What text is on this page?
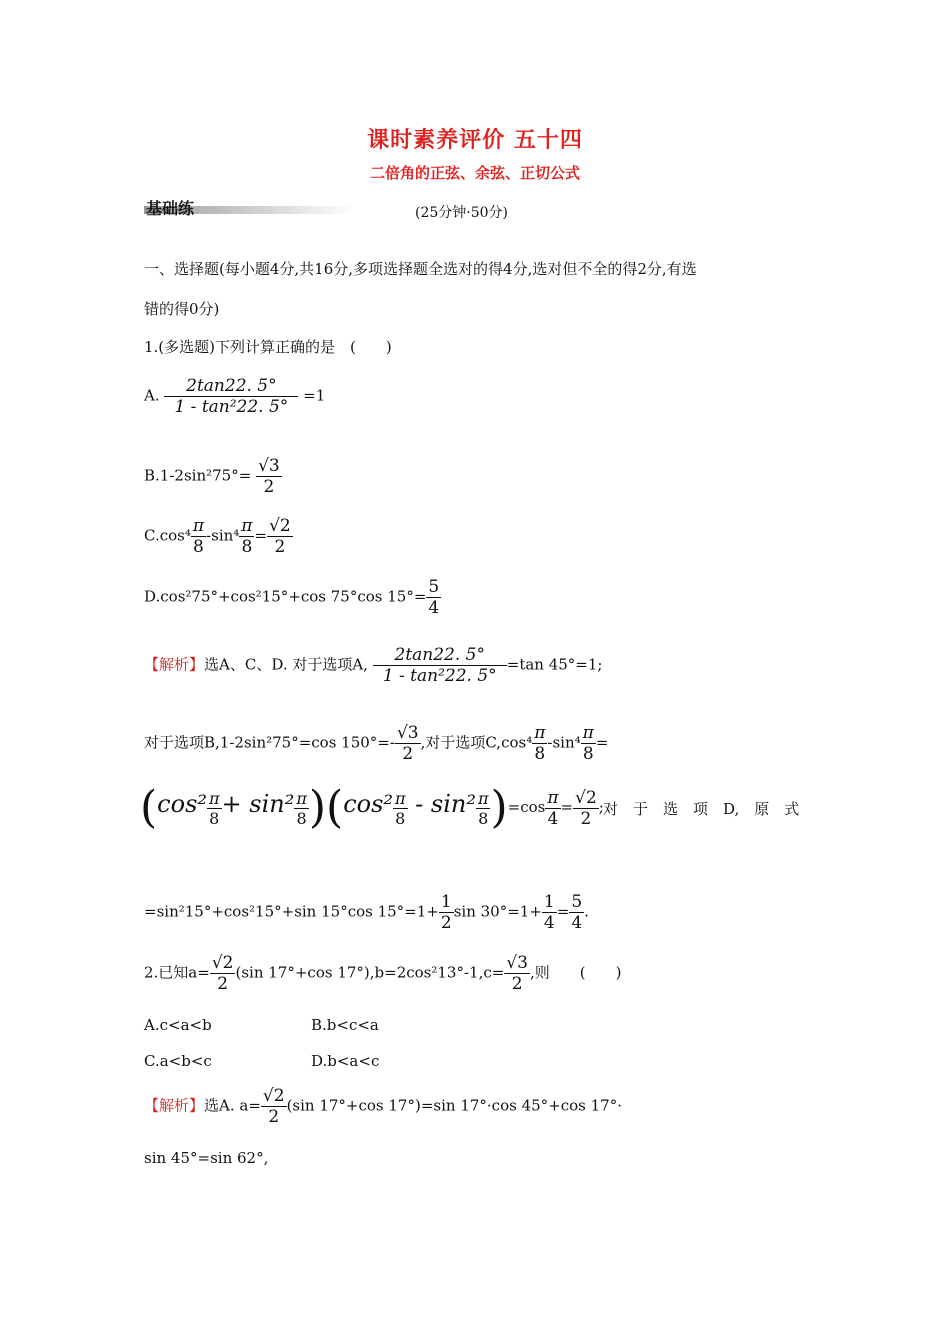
课时素养评价 五十四
二倍角的正弦、余弦、正切公式
基础练	(25分钟·50分)
一、选择题(每小题4分,共16分,多项选择题全选对的得4分,选对但不全的得2分,有选
错的得0分)
1.(多选题)下列计算正确的是　(　　)
A. $\frac{2\tan 22. 5^\circ}{\text{1 - tan²22. 5°}} =1$
$B.1-2\sin^275^\circ= \frac{√3}{2}$
$C.\cos^4 \frac{\pi}{8} -\sin^4 \frac{\pi}{8} = \frac{√2}{2}$
D.cos²75°+cos²15°+cos 75°cos $15^\circ= \frac{5}{4}$
【解析】选A、C、D. 对于选项A, $\frac{2\tan 22. 5^\circ}{\text{1 - tan²22. 5°}} =\tan$ 45°=1;
对于选项B,1-2sin²75°=cos $150^\circ=- \frac{√3}{2}$ ,对于选项$C,\cos^4 \frac{\pi}{8} -\sin^4 \frac{\pi}{8}$ =
$(\cos^2 \frac{\pi}{8} + \sin^2 \frac{\pi}{8} )(\cos^2 \frac{\pi}{8} - \sin^2 \frac{\pi}{8} )=\cos \frac{\pi}{4} = \frac{√2}{2}$ ; 对　于　选　项　D,　原　式
=sin²15°+cos²15°+sin 15°cos $15^\circ=1+ \frac{1}{2}$ $\sin 30^\circ=1+ \frac{1}{4} = \frac{5}{4}$ .
2.已知$a= \frac{√2}{2} (\sin$ 17°+cos $17^\circ),b=2\cos^213^\circ-1,c= \frac{√3}{2}$ ,则　　(　　)
A.c<a<b	B.b<c<a
C.a<b<c	D.b<a<c
【解析】选A. $a= \frac{√2}{2} (\sin$ 17°+cos 17°)=sin 17°·cos 45°+cos 17°·
sin 45°=sin 62°,
